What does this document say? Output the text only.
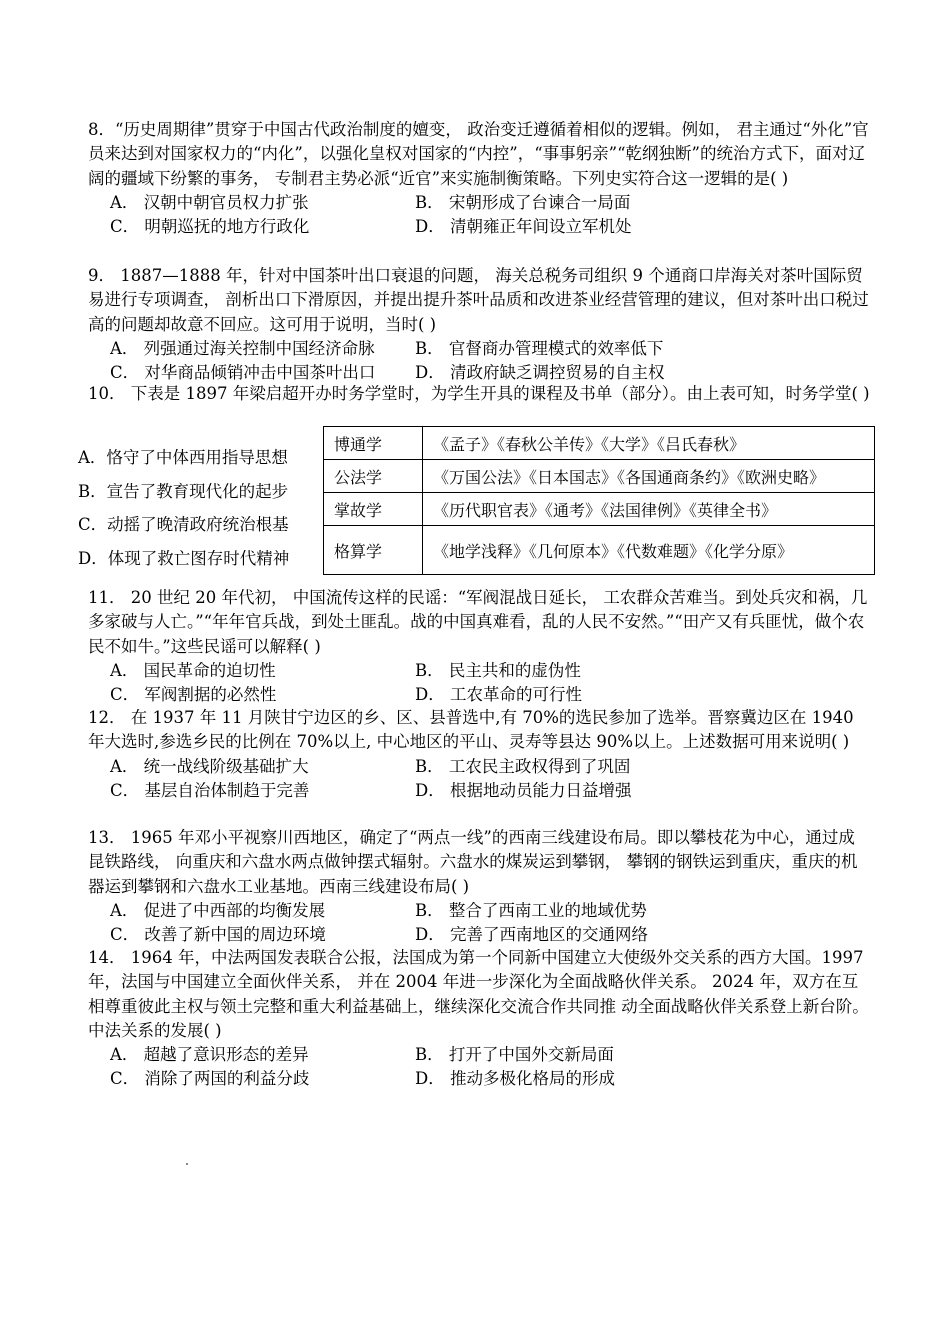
8．“历史周期律”贯穿于中国古代政治制度的嬗变， 政治变迁遵循着相似的逻辑。例如， 君主通过“外化”官员来达到对国家权力的“内化”，以强化皇权对国家的“内控”，“事事躬亲”“乾纲独断”的统治方式下，面对辽阔的疆域下纷繁的事务， 专制君主势必派“近官”来实施制衡策略。下列史实符合这一逻辑的是( )
A． 汉朝中朝官员权力扩张	B． 宋朝形成了台谏合一局面
C． 明朝巡抚的地方行政化	D． 清朝雍正年间设立军机处
9． 1887—1888 年，针对中国茶叶出口衰退的问题， 海关总税务司组织 9 个通商口岸海关对茶叶国际贸易进行专项调查， 剖析出口下滑原因，并提出提升茶叶品质和改进茶业经营管理的建议，但对茶叶出口税过高的问题却故意不回应。这可用于说明，当时( )
A． 列强通过海关控制中国经济命脉	B． 官督商办管理模式的效率低下
C． 对华商品倾销冲击中国茶叶出口	D． 清政府缺乏调控贸易的自主权
10． 下表是 1897 年梁启超开办时务学堂时，为学生开具的课程及书单（部分）。由上表可知，时务学堂( )
A．恪守了中体西用指导思想
B．宣告了教育现代化的起步
C．动摇了晚清政府统治根基
D．体现了救亡图存时代精神
博通学	《孟子》《春秋公羊传》《大学》《吕氏春秋》
公法学	《万国公法》《日本国志》《各国通商条约》《欧洲史略》
掌故学	《历代职官表》《通考》《法国律例》《英律全书》
格算学	《地学浅释》《几何原本》《代数难题》《化学分原》
11． 20 世纪 20 年代初， 中国流传这样的民谣：“军阀混战日延长， 工农群众苦难当。到处兵灾和祸，几多家破与人亡。”“年年官兵战，到处土匪乱。战的中国真难看，乱的人民不安然。”“田产又有兵匪忧，做个农民不如牛。”这些民谣可以解释( )
A． 国民革命的迫切性	B． 民主共和的虚伪性
C． 军阀割据的必然性	D． 工农革命的可行性
12． 在 1937 年 11 月陕甘宁边区的乡、区、县普选中,有 70%的选民参加了选举。晋察冀边区在 1940 年大选时,参选乡民的比例在 70%以上, 中心地区的平山、灵寿等县达 90%以上。上述数据可用来说明( )
A． 统一战线阶级基础扩大	B． 工农民主政权得到了巩固
C． 基层自治体制趋于完善	D． 根据地动员能力日益增强
13． 1965 年邓小平视察川西地区，确定了“两点一线”的西南三线建设布局。即以攀枝花为中心，通过成昆铁路线， 向重庆和六盘水两点做钟摆式辐射。六盘水的煤炭运到攀钢， 攀钢的钢铁运到重庆，重庆的机器运到攀钢和六盘水工业基地。西南三线建设布局( )
A． 促进了中西部的均衡发展	B． 整合了西南工业的地域优势
C． 改善了新中国的周边环境	D． 完善了西南地区的交通网络
14． 1964 年，中法两国发表联合公报，法国成为第一个同新中国建立大使级外交关系的西方大国。1997 年，法国与中国建立全面伙伴关系， 并在 2004 年进一步深化为全面战略伙伴关系。 2024 年，双方在互相尊重彼此主权与领土完整和重大利益基础上，继续深化交流合作共同推 动全面战略伙伴关系登上新台阶。中法关系的发展( )
A． 超越了意识形态的差异	B． 打开了中国外交新局面
C． 消除了两国的利益分歧	D． 推动多极化格局的形成
